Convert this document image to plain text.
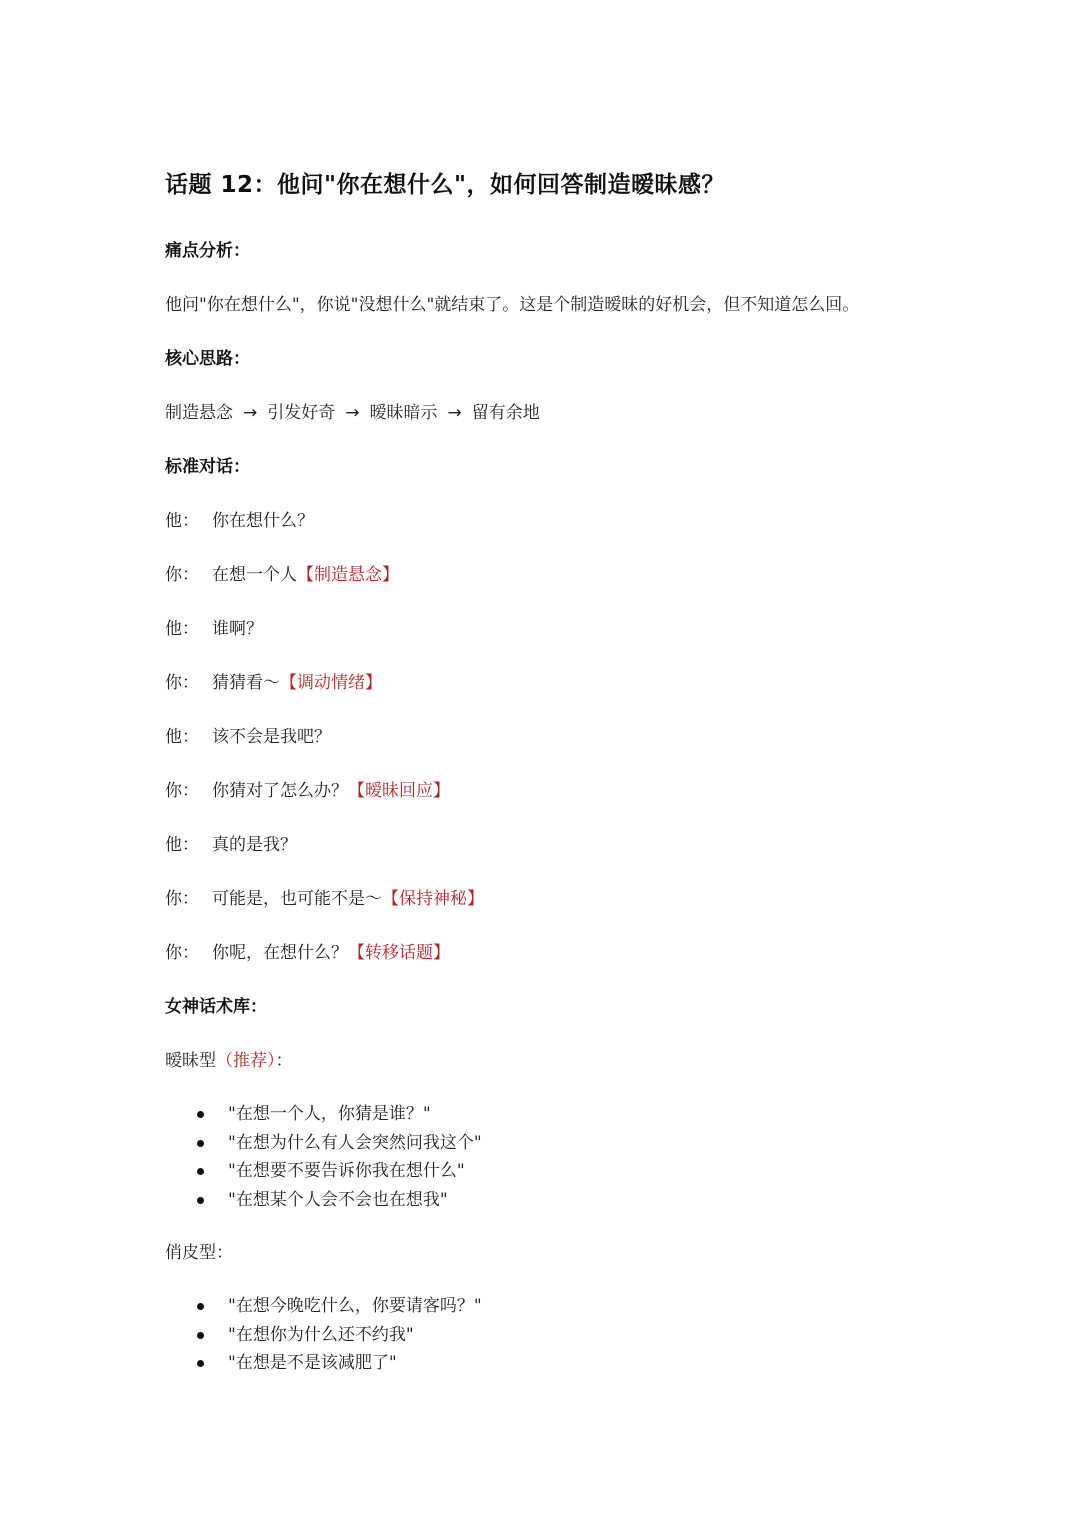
话题 12：他问"你在想什么"，如何回答制造暧昧感？
痛点分析：
他问"你在想什么"，你说"没想什么"就结束了。这是个制造暧昧的好机会，但不知道怎么回。
核心思路：
制造悬念 → 引发好奇 → 暧昧暗示 → 留有余地
标准对话：
他： 你在想什么？
你： 在想一个人【制造悬念】
他： 谁啊？
你： 猜猜看～【调动情绪】
他： 该不会是我吧？
你： 你猜对了怎么办？【暧昧回应】
他： 真的是我？
你： 可能是，也可能不是～【保持神秘】
你： 你呢，在想什么？【转移话题】
女神话术库：
暧昧型（推荐）：
"在想一个人，你猜是谁？"
"在想为什么有人会突然问我这个"
"在想要不要告诉你我在想什么"
"在想某个人会不会也在想我"
俏皮型：
"在想今晚吃什么，你要请客吗？"
"在想你为什么还不约我"
"在想是不是该减肥了"
